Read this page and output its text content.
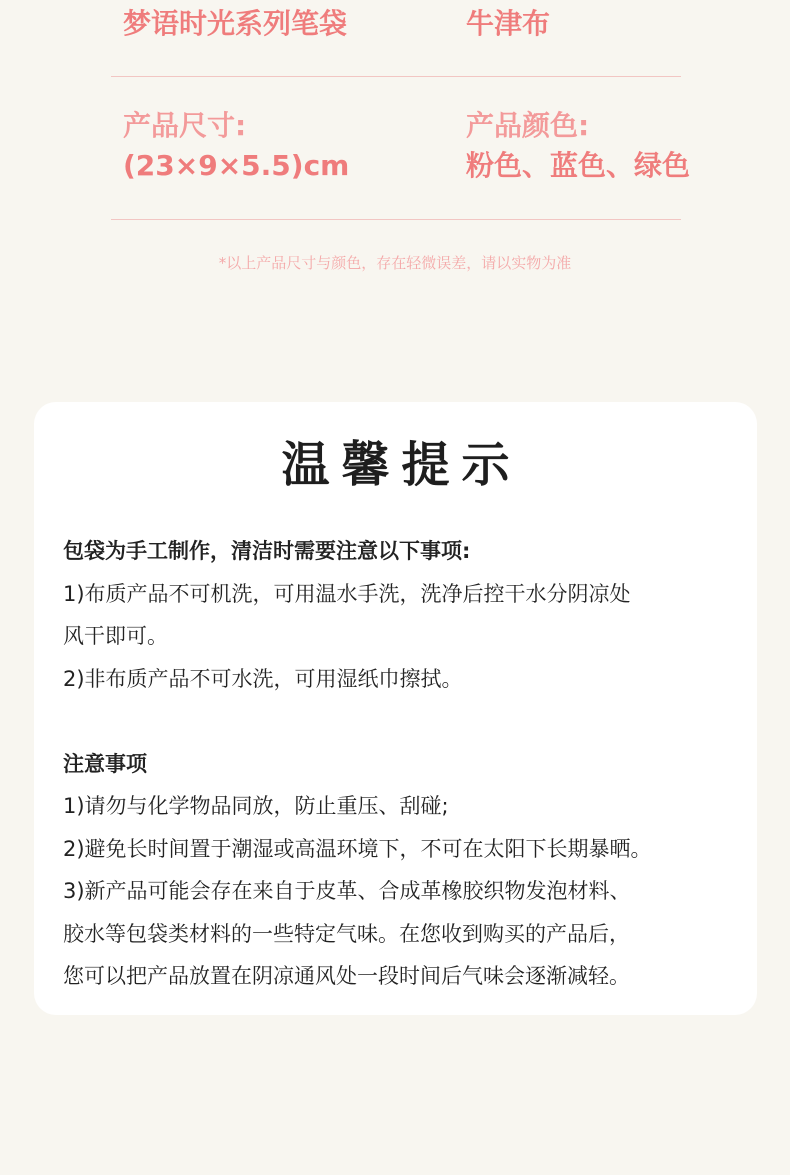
梦语时光系列笔袋	牛津布
产品尺寸:
(23×9×5.5)cm
产品颜色:
粉色、蓝色、绿色
*以上产品尺寸与颜色，存在轻微误差，请以实物为准
温馨提示

包袋为手工制作，清洁时需要注意以下事项:

1)布质产品不可机洗，可用温水手洗，洗净后控干水分阴凉处

风干即可。

2)非布质产品不可水洗，可用湿纸巾擦拭。

注意事项

1)请勿与化学物品同放，防止重压、刮碰;

2)避免长时间置于潮湿或高温环境下，不可在太阳下长期暴晒。

3)新产品可能会存在来自于皮革、合成革橡胶织物发泡材料、

胶水等包袋类材料的一些特定气味。在您收到购买的产品后，

您可以把产品放置在阴凉通风处一段时间后气味会逐渐减轻。
